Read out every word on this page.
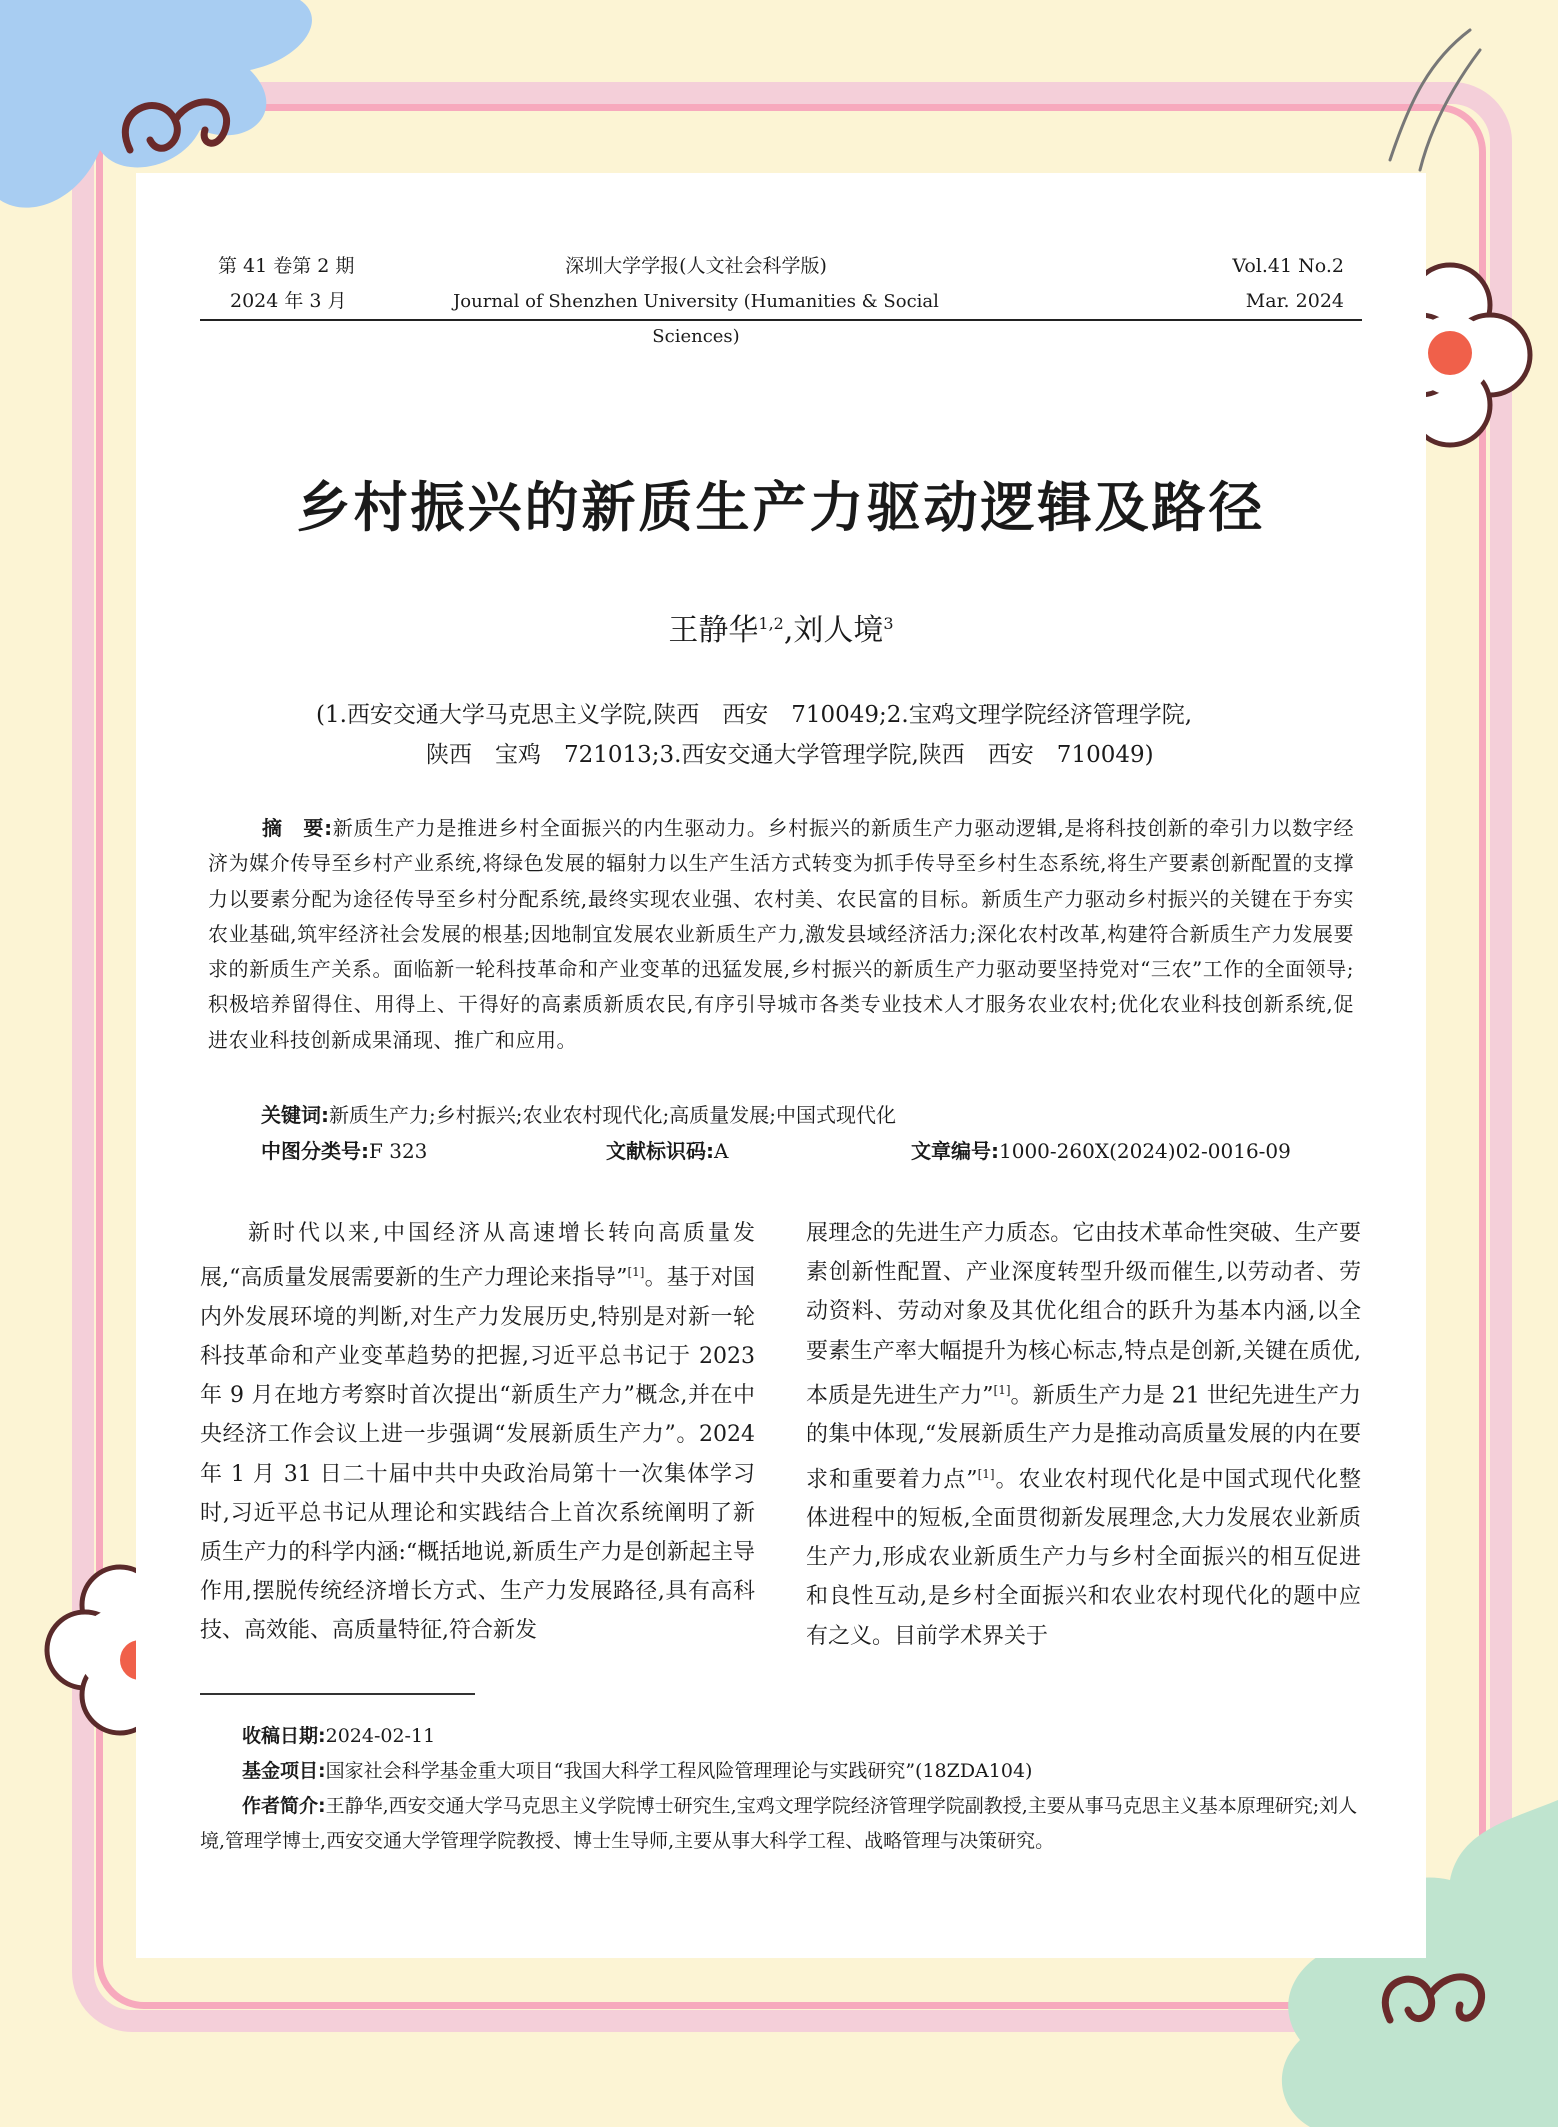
第 41 卷第 2 期
2024 年 3 月
深圳大学学报(人文社会科学版)
Journal of Shenzhen University (Humanities & Social Sciences)
Vol.41 No.2
Mar. 2024
乡村振兴的新质生产力驱动逻辑及路径
王静华$^{1,2}$,刘人境$^3$
(1.西安交通大学马克思主义学院,陕西　西安　710049;2.宝鸡文理学院经济管理学院,
陕西　宝鸡　721013;3.西安交通大学管理学院,陕西　西安　710049)
摘　要:新质生产力是推进乡村全面振兴的内生驱动力。乡村振兴的新质生产力驱动逻辑,是将科技创新的牵引力以数字经济为媒介传导至乡村产业系统,将绿色发展的辐射力以生产生活方式转变为抓手传导至乡村生态系统,将生产要素创新配置的支撑力以要素分配为途径传导至乡村分配系统,最终实现农业强、农村美、农民富的目标。新质生产力驱动乡村振兴的关键在于夯实农业基础,筑牢经济社会发展的根基;因地制宜发展农业新质生产力,激发县域经济活力;深化农村改革,构建符合新质生产力发展要求的新质生产关系。面临新一轮科技革命和产业变革的迅猛发展,乡村振兴的新质生产力驱动要坚持党对“三农”工作的全面领导;积极培养留得住、用得上、干得好的高素质新质农民,有序引导城市各类专业技术人才服务农业农村;优化农业科技创新系统,促进农业科技创新成果涌现、推广和应用。
关键词:新质生产力;乡村振兴;农业农村现代化;高质量发展;中国式现代化
中图分类号:F 323	文献标识码:A	文章编号:1000-260X(2024)02-0016-09
新时代以来,中国经济从高速增长转向高质量发展,“高质量发展需要新的生产力理论来指导”[1]。基于对国内外发展环境的判断,对生产力发展历史,特别是对新一轮科技革命和产业变革趋势的把握,习近平总书记于 2023 年 9 月在地方考察时首次提出“新质生产力”概念,并在中央经济工作会议上进一步强调“发展新质生产力”。2024 年 1 月 31 日二十届中共中央政治局第十一次集体学习时,习近平总书记从理论和实践结合上首次系统阐明了新质生产力的科学内涵:“概括地说,新质生产力是创新起主导作用,摆脱传统经济增长方式、生产力发展路径,具有高科技、高效能、高质量特征,符合新发
展理念的先进生产力质态。它由技术革命性突破、生产要素创新性配置、产业深度转型升级而催生,以劳动者、劳动资料、劳动对象及其优化组合的跃升为基本内涵,以全要素生产率大幅提升为核心标志,特点是创新,关键在质优,本质是先进生产力”[1]。新质生产力是 21 世纪先进生产力的集中体现,“发展新质生产力是推动高质量发展的内在要求和重要着力点”[1]。农业农村现代化是中国式现代化整体进程中的短板,全面贯彻新发展理念,大力发展农业新质生产力,形成农业新质生产力与乡村全面振兴的相互促进和良性互动,是乡村全面振兴和农业农村现代化的题中应有之义。目前学术界关于
收稿日期:2024-02-11
基金项目:国家社会科学基金重大项目“我国大科学工程风险管理理论与实践研究”(18ZDA104)
作者简介:王静华,西安交通大学马克思主义学院博士研究生,宝鸡文理学院经济管理学院副教授,主要从事马克思主义基本原理研究;刘人境,管理学博士,西安交通大学管理学院教授、博士生导师,主要从事大科学工程、战略管理与决策研究。
